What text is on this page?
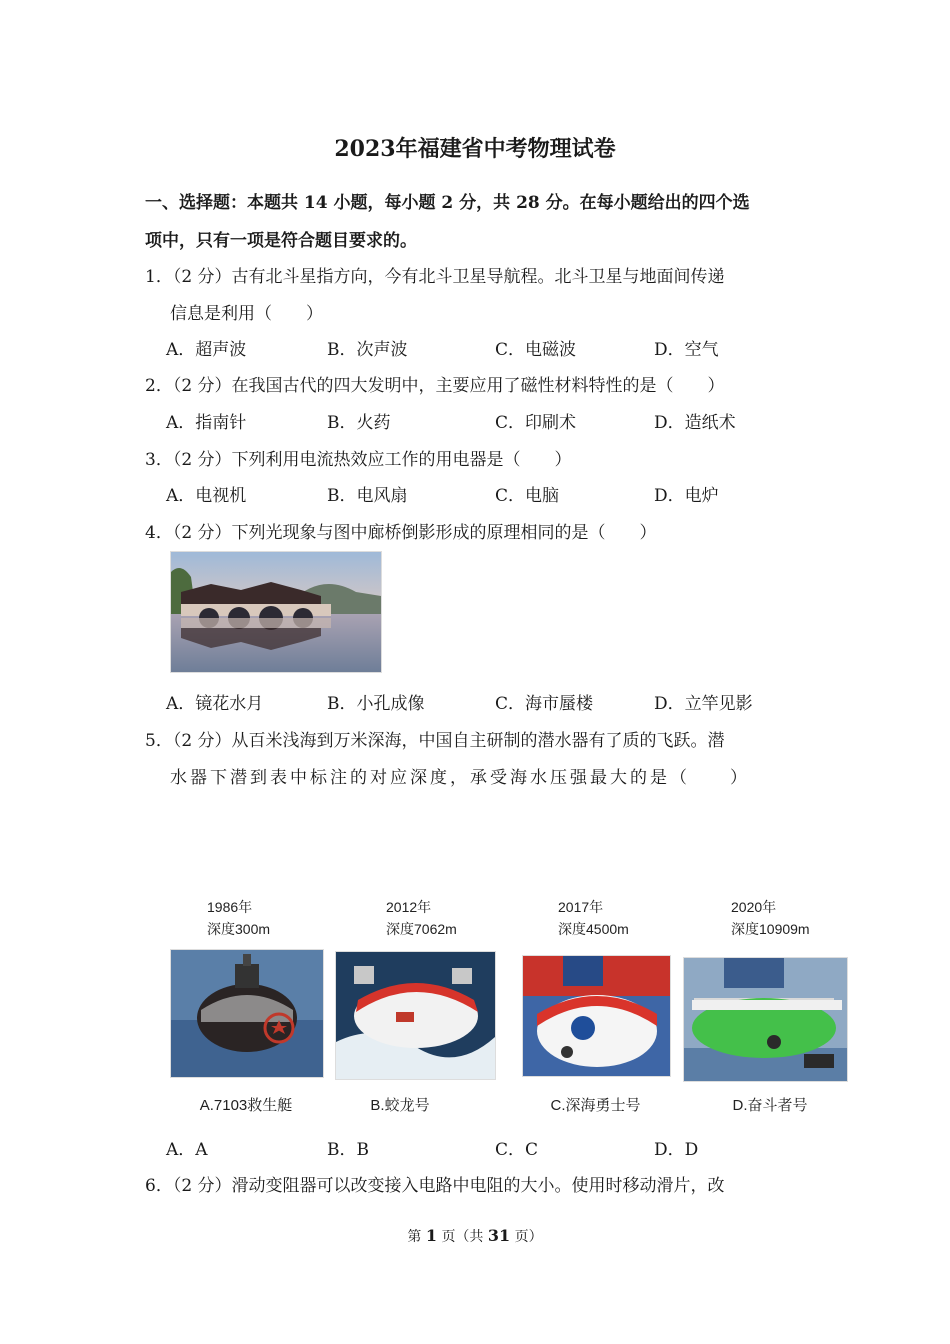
2023年福建省中考物理试卷
一、选择题：本题共 14 小题，每小题 2 分，共 28 分。在每小题给出的四个选
项中，只有一项是符合题目要求的。
1．（2 分）古有北斗星指方向，今有北斗卫星导航程。北斗卫星与地面间传递
信息是利用（　　）
A．超声波	B．次声波	C．电磁波	D．空气
2．（2 分）在我国古代的四大发明中，主要应用了磁性材料特性的是（　　）
A．指南针	B．火药	C．印刷术	D．造纸术
3．（2 分）下列利用电流热效应工作的用电器是（　　）
A．电视机	B．电风扇	C．电脑	D．电炉
4．（2 分）下列光现象与图中廊桥倒影形成的原理相同的是（　　）
A．镜花水月	B．小孔成像	C．海市蜃楼	D．立竿见影
5．（2 分）从百米浅海到万米深海，中国自主研制的潜水器有了质的飞跃。潜
水器下潜到表中标注的对应深度，承受海水压强最大的是（　　）
1986年
深度300m
2012年
深度7062m
2017年
深度4500m
2020年
深度10909m
A.7103救生艇	B.蛟龙号	C.深海勇士号	D.奋斗者号
A．A	B．B	C．C	D．D
6．（2 分）滑动变阻器可以改变接入电路中电阻的大小。使用时移动滑片，改
第 1 页（共 31 页）
